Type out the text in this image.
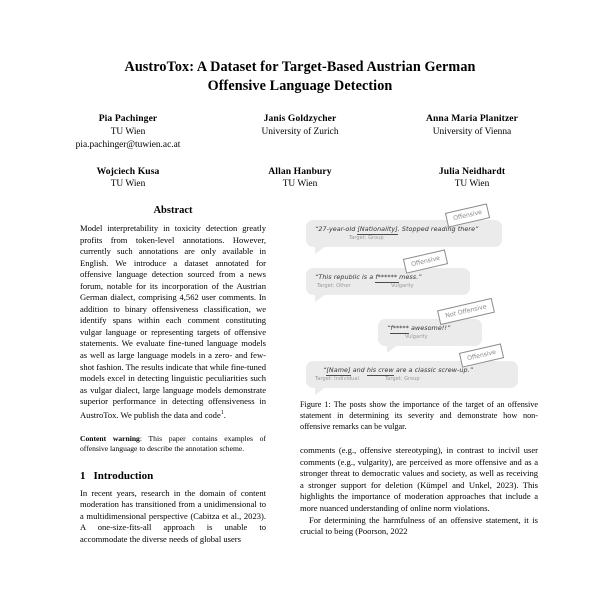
AustroTox: A Dataset for Target-Based Austrian German
Offensive Language Detection
Pia Pachinger
TU Wien
pia.pachinger@tuwien.ac.at
Janis Goldzycher
University of Zurich
Anna Maria Planitzer
University of Vienna
Wojciech Kusa
TU Wien
Allan Hanbury
TU Wien
Julia Neidhardt
TU Wien
Abstract

Model interpretability in toxicity detection greatly profits from token-level annotations. However, currently such annotations are only available in English. We introduce a dataset annotated for offensive language detection sourced from a news forum, notable for its incorporation of the Austrian German dialect, comprising 4,562 user comments. In addition to binary offensiveness classification, we identify spans within each comment constituting vulgar language or representing targets of offensive statements. We evaluate fine-tuned language models as well as large language models in a zero- and few-shot fashion. The results indicate that while fine-tuned models excel in detecting linguistic peculiarities such as vulgar dialect, large language models demonstrate superior performance in detecting offensiveness in AustroTox. We publish the data and code$^1$.

Content warning: This paper contains examples of offensive language to describe the annotation scheme.
1 Introduction

In recent years, research in the domain of content moderation has transitioned from a unidimensional to a multidimensional perspective (Cabitza et al., 2023). A one-size-fits-all approach is unable to accommodate the diverse needs of global users

“27-year-old [Nationality]. Stopped reading there”
Target: Group
Offensive
“This republic is a f****** mess.”
Target: Other	Vulgarity
Offensive
“f***** awesome!!”
Vulgarity
Not Offensive
“[Name] and his crew are a classic screw-up.”
Target: Individual	Target: Group
Offensive

Figure 1: The posts show the importance of the target of an offensive statement in determining its severity and demonstrate how non-offensive remarks can be vulgar.

comments (e.g., offensive stereotyping), in contrast to incivil user comments (e.g., vulgarity), are perceived as more offensive and as a stronger threat to democratic values and society, as well as receiving a stronger support for deletion (Kümpel and Unkel, 2023). This highlights the importance of moderation approaches that include a more nuanced understanding of online norm violations.

For determining the harmfulness of an offensive statement, it is crucial to being (Poorson, 2022
